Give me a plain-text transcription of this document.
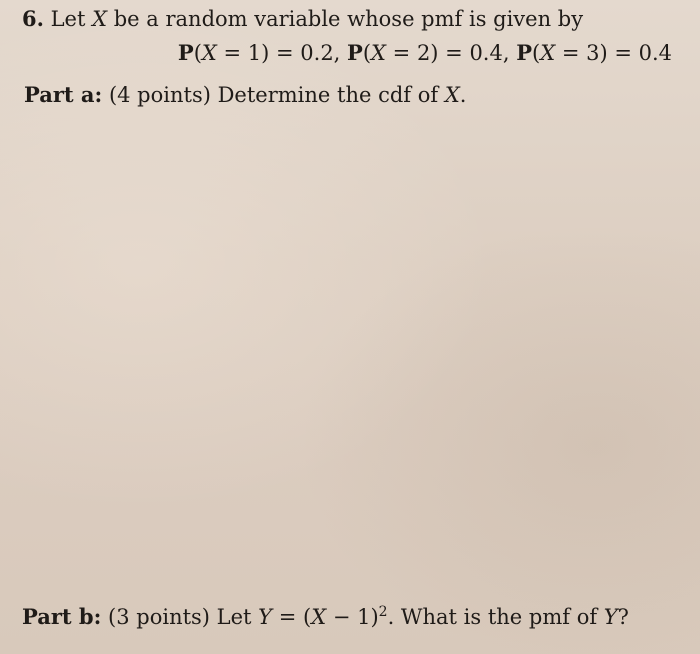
6. Let X be a random variable whose pmf is given by
P(X = 1) = 0.2, P(X = 2) = 0.4, P(X = 3) = 0.4
Part a: (4 points) Determine the cdf of X.
Part b: (3 points) Let $Y = (X - 1)^2$. What is the pmf of Y?
